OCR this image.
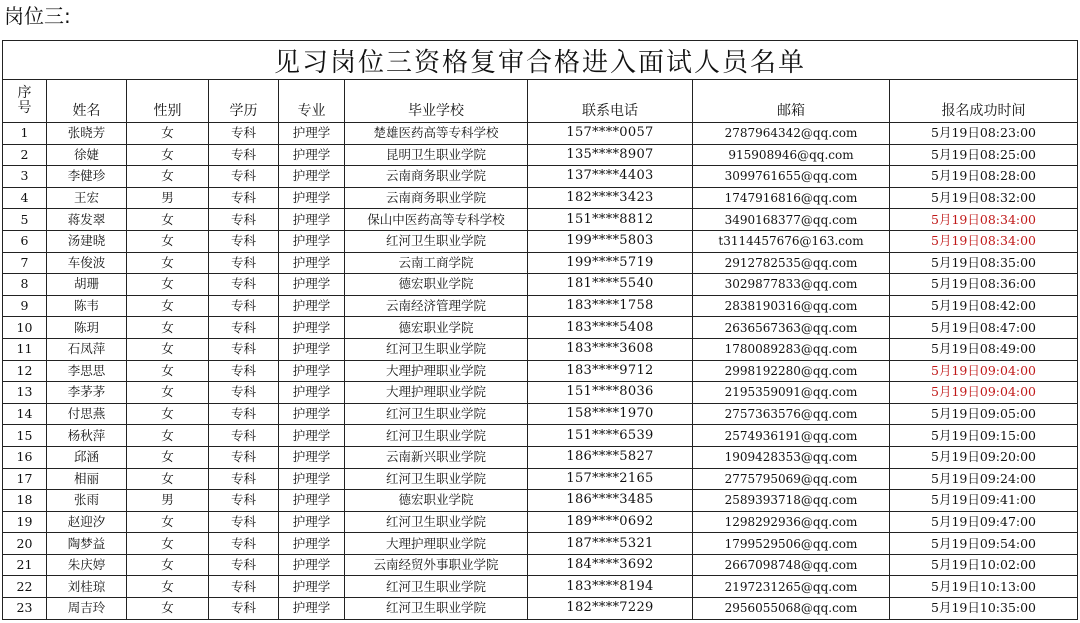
岗位三:
见习岗位三资格复审合格进入面试人员名单								
序
号	姓名	性别	学历	专业	毕业学校	联系电话	邮箱	报名成功时间
1	张晓芳	女	专科	护理学	楚雄医药高等专科学校	157****0057	2787964342@qq.com	5月19日08:23:00
2	徐婕	女	专科	护理学	昆明卫生职业学院	135****8907	915908946@qq.com	5月19日08:25:00
3	李健珍	女	专科	护理学	云南商务职业学院	137****4403	3099761655@qq.com	5月19日08:28:00
4	王宏	男	专科	护理学	云南商务职业学院	182****3423	1747916816@qq.com	5月19日08:32:00
5	蒋发翠	女	专科	护理学	保山中医药高等专科学校	151****8812	3490168377@qq.com	5月19日08:34:00
6	汤建晓	女	专科	护理学	红河卫生职业学院	199****5803	t3114457676@163.com	5月19日08:34:00
7	车俊波	女	专科	护理学	云南工商学院	199****5719	2912782535@qq.com	5月19日08:35:00
8	胡珊	女	专科	护理学	德宏职业学院	181****5540	3029877833@qq.com	5月19日08:36:00
9	陈韦	女	专科	护理学	云南经济管理学院	183****1758	2838190316@qq.com	5月19日08:42:00
10	陈玥	女	专科	护理学	德宏职业学院	183****5408	2636567363@qq.com	5月19日08:47:00
11	石凤萍	女	专科	护理学	红河卫生职业学院	183****3608	1780089283@qq.com	5月19日08:49:00
12	李思思	女	专科	护理学	大理护理职业学院	183****9712	2998192280@qq.com	5月19日09:04:00
13	李茅茅	女	专科	护理学	大理护理职业学院	151****8036	2195359091@qq.com	5月19日09:04:00
14	付思燕	女	专科	护理学	红河卫生职业学院	158****1970	2757363576@qq.com	5月19日09:05:00
15	杨秋萍	女	专科	护理学	红河卫生职业学院	151****6539	2574936191@qq.com	5月19日09:15:00
16	邱涵	女	专科	护理学	云南新兴职业学院	186****5827	1909428353@qq.com	5月19日09:20:00
17	相丽	女	专科	护理学	红河卫生职业学院	157****2165	2775795069@qq.com	5月19日09:24:00
18	张雨	男	专科	护理学	德宏职业学院	186****3485	2589393718@qq.com	5月19日09:41:00
19	赵迎汐	女	专科	护理学	红河卫生职业学院	189****0692	1298292936@qq.com	5月19日09:47:00
20	陶梦益	女	专科	护理学	大理护理职业学院	187****5321	1799529506@qq.com	5月19日09:54:00
21	朱庆婷	女	专科	护理学	云南经贸外事职业学院	184****3692	2667098748@qq.com	5月19日10:02:00
22	刘桂琼	女	专科	护理学	红河卫生职业学院	183****8194	2197231265@qq.com	5月19日10:13:00
23	周吉玲	女	专科	护理学	红河卫生职业学院	182****7229	2956055068@qq.com	5月19日10:35:00
